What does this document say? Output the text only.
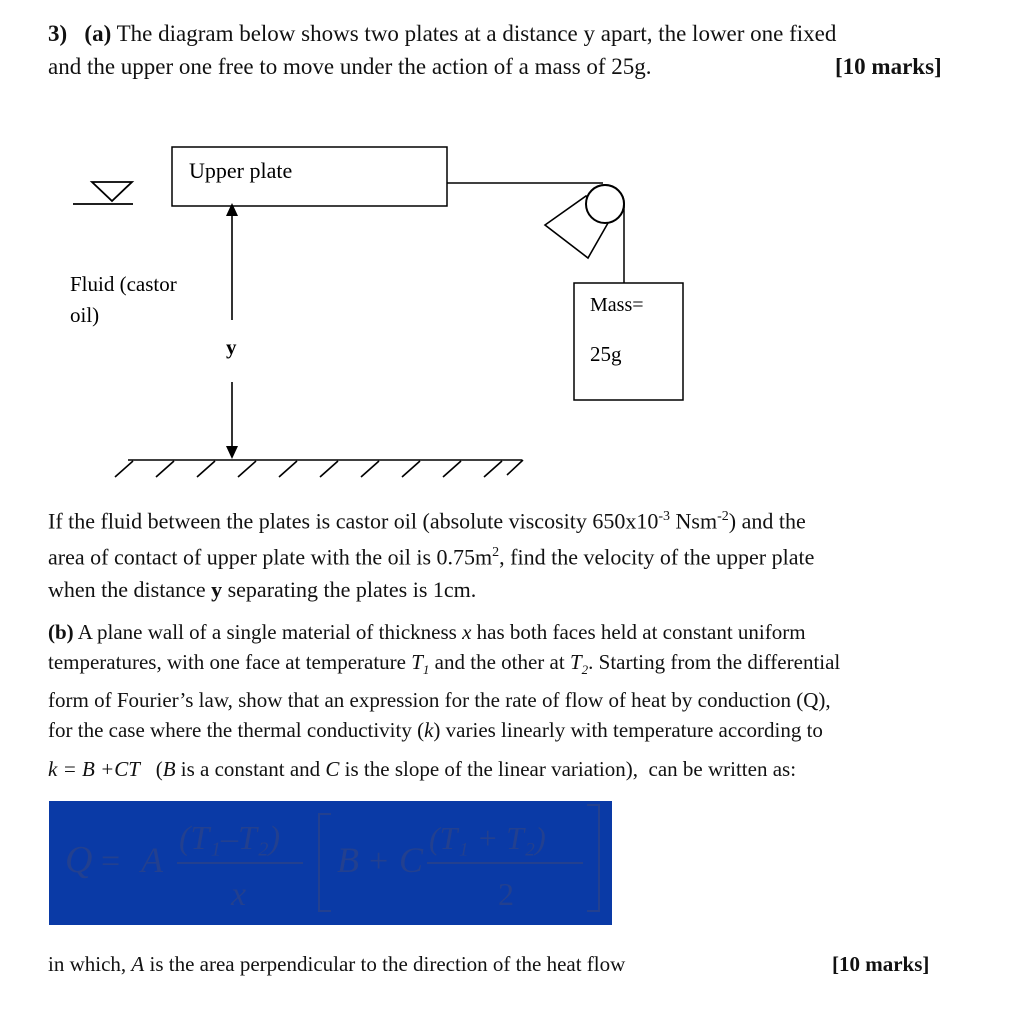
3) (a) The diagram below shows two plates at a distance y apart, the lower one fixed
and the upper one free to move under the action of a mass of 25g.	[10 marks]
Upper plate
Mass=
25g
Fluid (castor
oil)
y
If the fluid between the plates is castor oil (absolute viscosity $650x10^{-3}$ Nsm$^{-2}$) and the
area of contact of upper plate with the oil is $0.75m^2$, find the velocity of the upper plate
when the distance y separating the plates is 1cm.
(b) A plane wall of a single material of thickness x has both faces held at constant uniform
temperatures, with one face at temperature $T_1$ and the other at $T_2$. Starting from the differential
form of Fourier’s law, show that an expression for the rate of flow of heat by conduction (Q),
for the case where the thermal conductivity (k) varies linearly with temperature according to
k = B +CT (B is a constant and C is the slope of the linear variation), can be written as:
Q = A
(T₁–T₂)
x
B + C
(T₁ + T₂)
2
in which, A is the area perpendicular to the direction of the heat flow	[10 marks]
